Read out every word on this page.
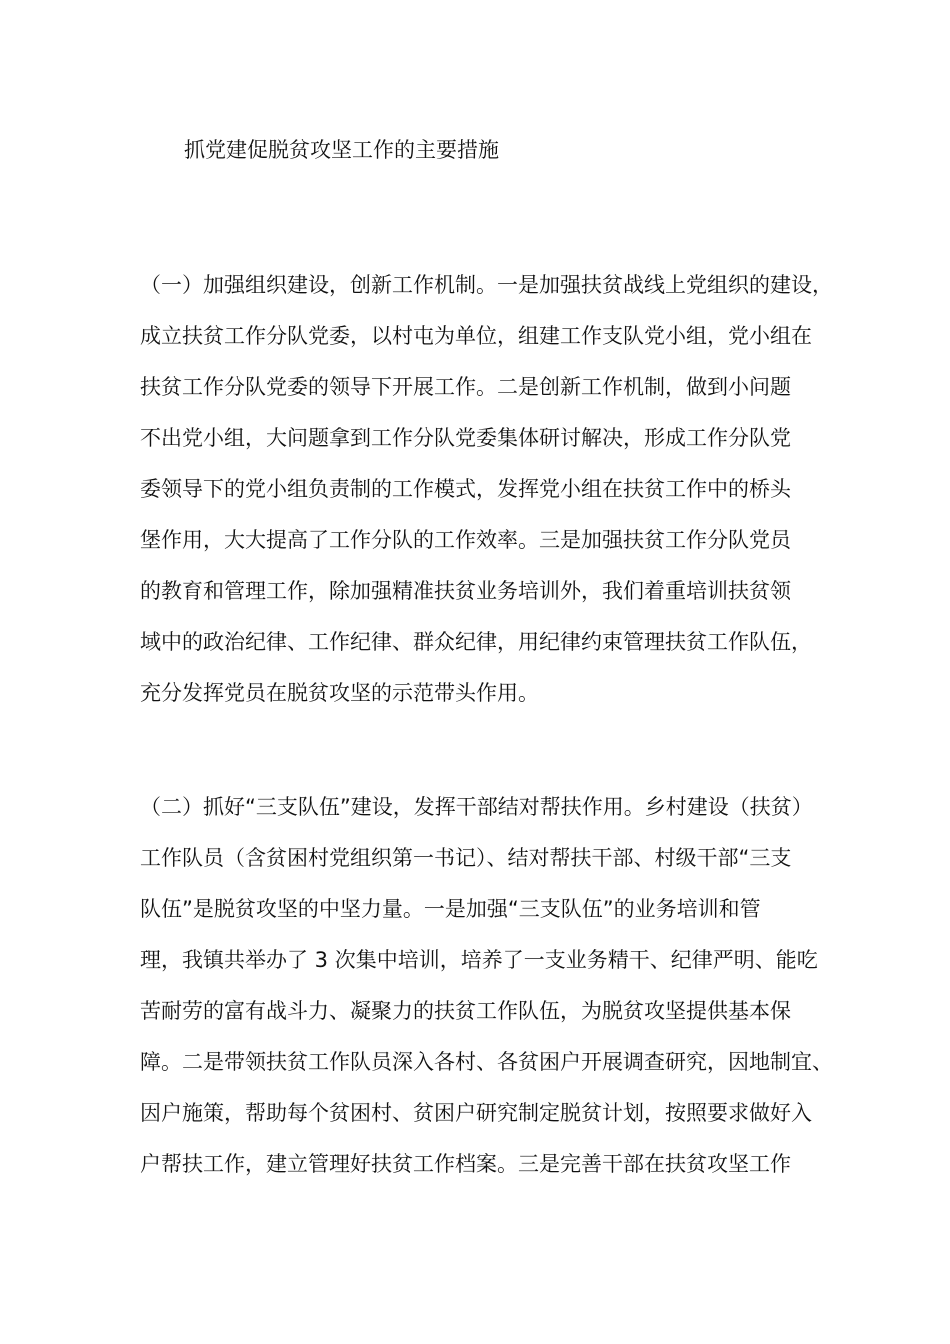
抓党建促脱贫攻坚工作的主要措施
（一）加强组织建设，创新工作机制。一是加强扶贫战线上党组织的建设，
成立扶贫工作分队党委，以村屯为单位，组建工作支队党小组，党小组在
扶贫工作分队党委的领导下开展工作。二是创新工作机制，做到小问题
不出党小组，大问题拿到工作分队党委集体研讨解决，形成工作分队党
委领导下的党小组负责制的工作模式，发挥党小组在扶贫工作中的桥头
堡作用，大大提高了工作分队的工作效率。三是加强扶贫工作分队党员
的教育和管理工作，除加强精准扶贫业务培训外，我们着重培训扶贫领
域中的政治纪律、工作纪律、群众纪律，用纪律约束管理扶贫工作队伍，
充分发挥党员在脱贫攻坚的示范带头作用。
（二）抓好“三支队伍”建设，发挥干部结对帮扶作用。乡村建设（扶贫）
工作队员（含贫困村党组织第一书记）、结对帮扶干部、村级干部“三支
队伍”是脱贫攻坚的中坚力量。一是加强“三支队伍”的业务培训和管
理，我镇共举办了 3 次集中培训，培养了一支业务精干、纪律严明、能吃
苦耐劳的富有战斗力、凝聚力的扶贫工作队伍，为脱贫攻坚提供基本保
障。二是带领扶贫工作队员深入各村、各贫困户开展调查研究，因地制宜、
因户施策，帮助每个贫困村、贫困户研究制定脱贫计划，按照要求做好入
户帮扶工作，建立管理好扶贫工作档案。三是完善干部在扶贫攻坚工作
